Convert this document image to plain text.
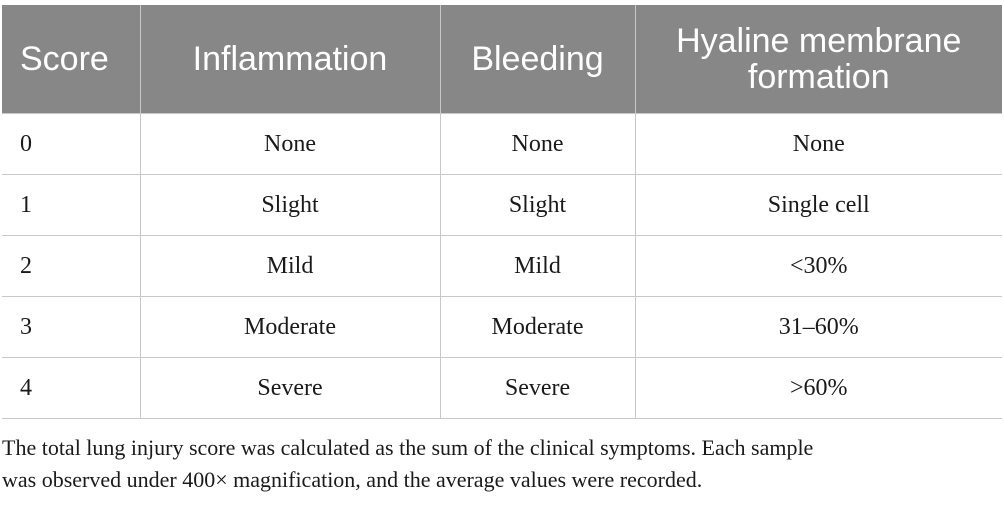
Score	Inflammation	Bleeding	Hyaline membrane formation
0	None	None	None
1	Slight	Slight	Single cell
2	Mild	Mild	<30%
3	Moderate	Moderate	31–60%
4	Severe	Severe	>60%

The total lung injury score was calculated as the sum of the clinical symptoms. Each sample
was observed under 400× magnification, and the average values were recorded.
